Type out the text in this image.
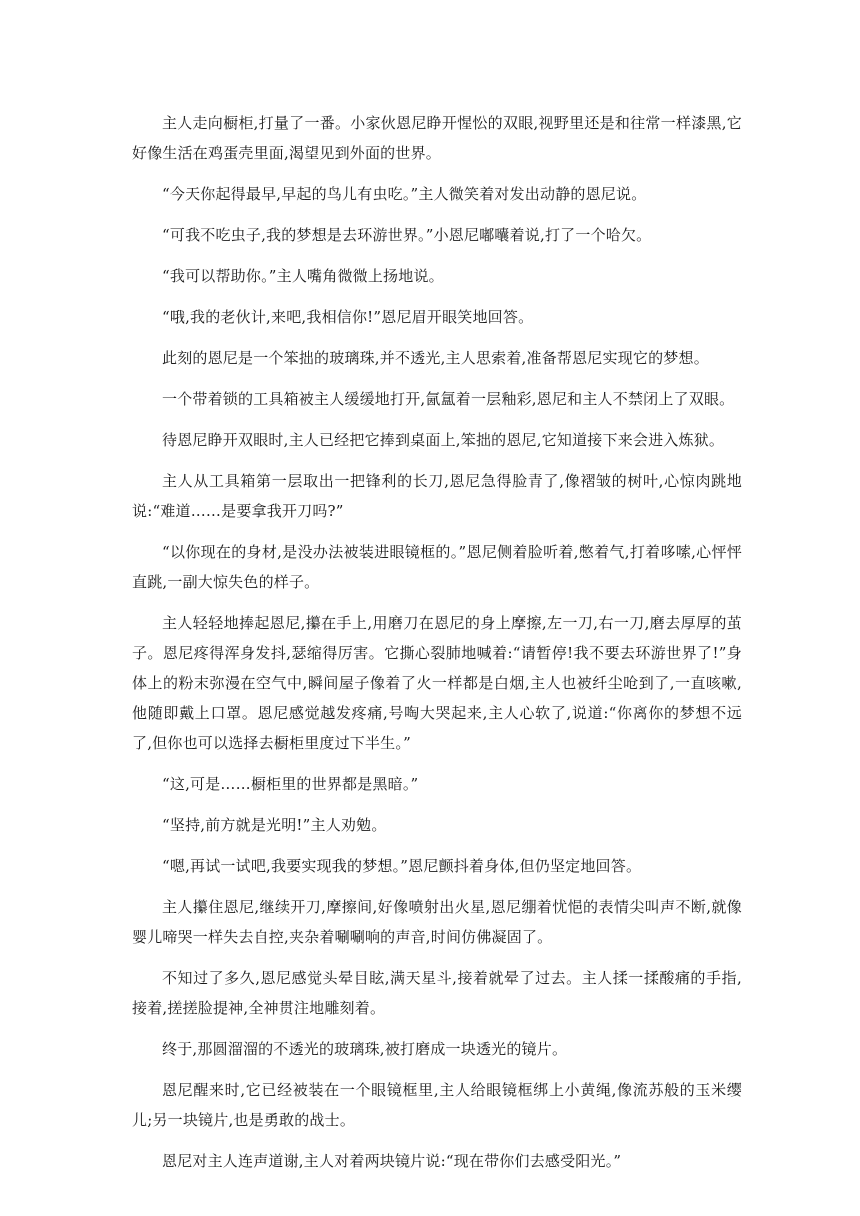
主人走向橱柜,打量了一番。小家伙恩尼睁开惺忪的双眼,视野里还是和往常一样漆黑,它好像生活在鸡蛋壳里面,渴望见到外面的世界。

“今天你起得最早,早起的鸟儿有虫吃。”主人微笑着对发出动静的恩尼说。

“可我不吃虫子,我的梦想是去环游世界。”小恩尼嘟囔着说,打了一个哈欠。

“我可以帮助你。”主人嘴角微微上扬地说。

“哦,我的老伙计,来吧,我相信你!”恩尼眉开眼笑地回答。

此刻的恩尼是一个笨拙的玻璃珠,并不透光,主人思索着,准备帮恩尼实现它的梦想。

一个带着锁的工具箱被主人缓缓地打开,氤氲着一层釉彩,恩尼和主人不禁闭上了双眼。

待恩尼睁开双眼时,主人已经把它捧到桌面上,笨拙的恩尼,它知道接下来会进入炼狱。

主人从工具箱第一层取出一把锋利的长刀,恩尼急得脸青了,像褶皱的树叶,心惊肉跳地说:“难道……是要拿我开刀吗?”

“以你现在的身材,是没办法被装进眼镜框的。”恩尼侧着脸听着,憋着气,打着哆嗦,心怦怦直跳,一副大惊失色的样子。

主人轻轻地捧起恩尼,攥在手上,用磨刀在恩尼的身上摩擦,左一刀,右一刀,磨去厚厚的茧子。恩尼疼得浑身发抖,瑟缩得厉害。它撕心裂肺地喊着:“请暂停!我不要去环游世界了!”身体上的粉末弥漫在空气中,瞬间屋子像着了火一样都是白烟,主人也被纤尘呛到了,一直咳嗽,他随即戴上口罩。恩尼感觉越发疼痛,号啕大哭起来,主人心软了,说道:“你离你的梦想不远了,但你也可以选择去橱柜里度过下半生。”

“这,可是……橱柜里的世界都是黑暗。”

“坚持,前方就是光明!”主人劝勉。

“嗯,再试一试吧,我要实现我的梦想。”恩尼颤抖着身体,但仍坚定地回答。

主人攥住恩尼,继续开刀,摩擦间,好像喷射出火星,恩尼绷着忧悒的表情尖叫声不断,就像婴儿啼哭一样失去自控,夹杂着唰唰响的声音,时间仿佛凝固了。

不知过了多久,恩尼感觉头晕目眩,满天星斗,接着就晕了过去。主人揉一揉酸痛的手指,接着,搓搓脸提神,全神贯注地雕刻着。

终于,那圆溜溜的不透光的玻璃珠,被打磨成一块透光的镜片。

恩尼醒来时,它已经被装在一个眼镜框里,主人给眼镜框绑上小黄绳,像流苏般的玉米缨儿;另一块镜片,也是勇敢的战士。

恩尼对主人连声道谢,主人对着两块镜片说:“现在带你们去感受阳光。”
